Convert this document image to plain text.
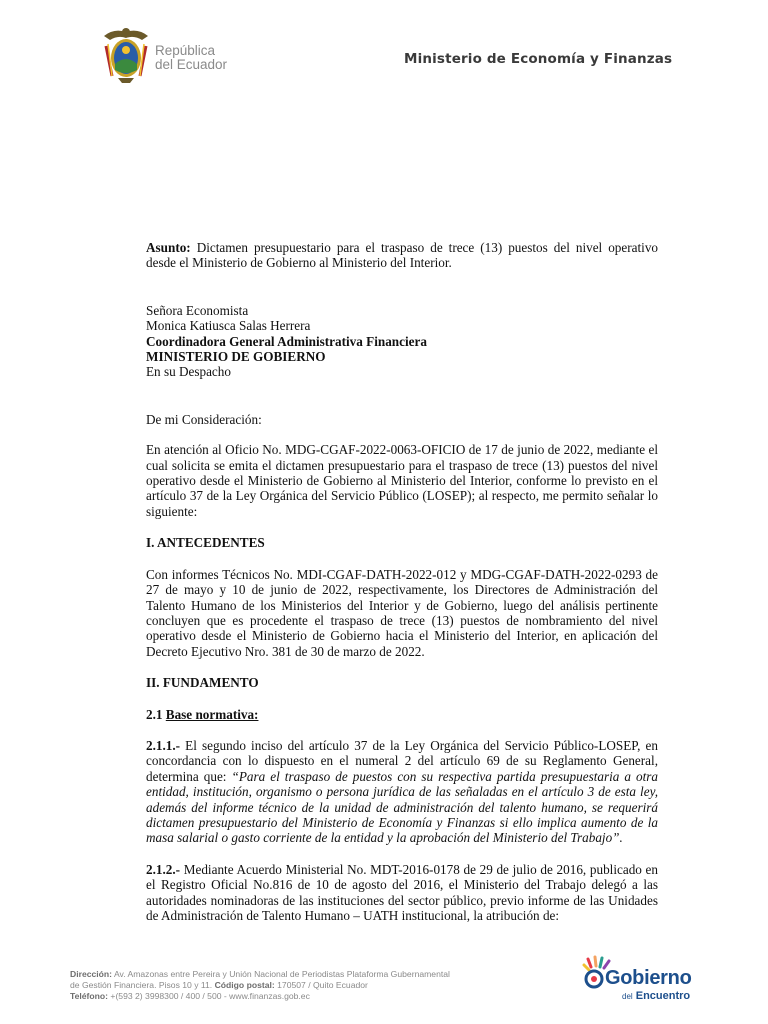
República
del Ecuador	Ministerio de Economía y Finanzas

Asunto: Dictamen presupuestario para el traspaso de trece (13) puestos del nivel operativo desde el Ministerio de Gobierno al Ministerio del Interior.

Señora Economista
Monica Katiusca Salas Herrera
Coordinadora General Administrativa Financiera
MINISTERIO DE GOBIERNO
En su Despacho

De mi Consideración:

En atención al Oficio No. MDG-CGAF-2022-0063-OFICIO de 17 de junio de 2022, mediante el cual solicita se emita el dictamen presupuestario para el traspaso de trece (13) puestos del nivel operativo desde el Ministerio de Gobierno al Ministerio del Interior, conforme lo previsto en el artículo 37 de la Ley Orgánica del Servicio Público (LOSEP); al respecto, me permito señalar lo siguiente:

I. ANTECEDENTES

Con informes Técnicos No. MDI-CGAF-DATH-2022-012 y MDG-CGAF-DATH-2022-0293 de 27 de mayo y 10 de junio de 2022, respectivamente, los Directores de Administración del Talento Humano de los Ministerios del Interior y de Gobierno, luego del análisis pertinente concluyen que es procedente el traspaso de trece (13) puestos de nombramiento del nivel operativo desde el Ministerio de Gobierno hacia el Ministerio del Interior, en aplicación del Decreto Ejecutivo Nro. 381 de 30 de marzo de 2022.

II. FUNDAMENTO

2.1 Base normativa:

2.1.1.- El segundo inciso del artículo 37 de la Ley Orgánica del Servicio Público-LOSEP, en concordancia con lo dispuesto en el numeral 2 del artículo 69 de su Reglamento General, determina que: “Para el traspaso de puestos con su respectiva partida presupuestaria a otra entidad, institución, organismo o persona jurídica de las señaladas en el artículo 3 de esta ley, además del informe técnico de la unidad de administración del talento humano, se requerirá dictamen presupuestario del Ministerio de Economía y Finanzas si ello implica aumento de la masa salarial o gasto corriente de la entidad y la aprobación del Ministerio del Trabajo”.

2.1.2.- Mediante Acuerdo Ministerial No. MDT-2016-0178 de 29 de julio de 2016, publicado en el Registro Oficial No.816 de 10 de agosto del 2016, el Ministerio del Trabajo delegó a las autoridades nominadoras de las instituciones del sector público, previo informe de las Unidades de Administración de Talento Humano – UATH institucional, la atribución de:

Dirección: Av. Amazonas entre Pereira y Unión Nacional de Periodistas Plataforma Gubernamental
de Gestión Financiera. Pisos 10 y 11. Código postal: 170507 / Quito Ecuador
Teléfono: +(593 2) 3998300 / 400 / 500 - www.finanzas.gob.ec
Gobierno
del Encuentro
